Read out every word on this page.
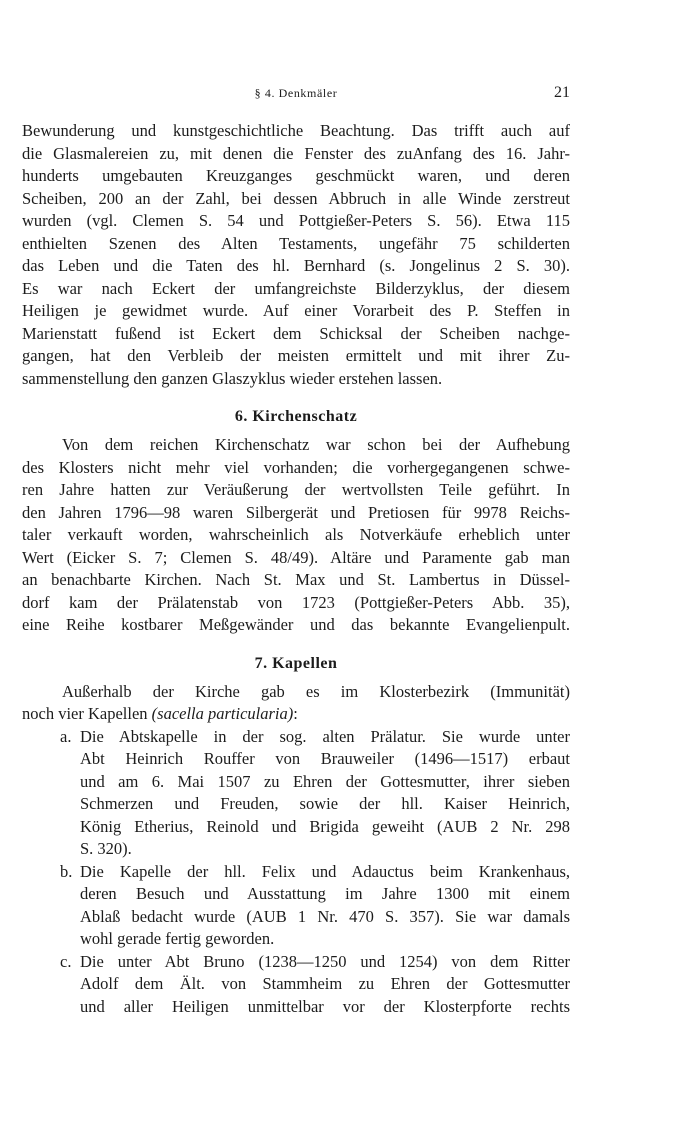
§ 4. Denkmäler	21

Bewunderung und kunstgeschichtliche Beachtung. Das trifft auch auf

die Glasmalereien zu, mit denen die Fenster des zuAnfang des 16. Jahr-

hunderts umgebauten Kreuzganges geschmückt waren, und deren

Scheiben, 200 an der Zahl, bei dessen Abbruch in alle Winde zerstreut

wurden (vgl. Clemen S. 54 und Pottgießer-Peters S. 56). Etwa 115

enthielten Szenen des Alten Testaments, ungefähr 75 schilderten

das Leben und die Taten des hl. Bernhard (s. Jongelinus 2 S. 30).

Es war nach Eckert der umfangreichste Bilderzyklus, der diesem

Heiligen je gewidmet wurde. Auf einer Vorarbeit des P. Steffen in

Marienstatt fußend ist Eckert dem Schicksal der Scheiben nachge-

gangen, hat den Verbleib der meisten ermittelt und mit ihrer Zu-

sammenstellung den ganzen Glaszyklus wieder erstehen lassen.

6. Kirchenschatz

Von dem reichen Kirchenschatz war schon bei der Aufhebung

des Klosters nicht mehr viel vorhanden; die vorhergegangenen schwe-

ren Jahre hatten zur Veräußerung der wertvollsten Teile geführt. In

den Jahren 1796—98 waren Silbergerät und Pretiosen für 9978 Reichs-

taler verkauft worden, wahrscheinlich als Notverkäufe erheblich unter

Wert (Eicker S. 7; Clemen S. 48/49). Altäre und Paramente gab man

an benachbarte Kirchen. Nach St. Max und St. Lambertus in Düssel-

dorf kam der Prälatenstab von 1723 (Pottgießer-Peters Abb. 35),

eine Reihe kostbarer Meßgewänder und das bekannte Evangelienpult.

7. Kapellen

Außerhalb der Kirche gab es im Klosterbezirk (Immunität)

noch vier Kapellen (sacella particularia):

a. Die Abtskapelle in der sog. alten Prälatur. Sie wurde unter

Abt Heinrich Rouffer von Brauweiler (1496—1517) erbaut

und am 6. Mai 1507 zu Ehren der Gottesmutter, ihrer sieben

Schmerzen und Freuden, sowie der hll. Kaiser Heinrich,

König Etherius, Reinold und Brigida geweiht (AUB 2 Nr. 298

S. 320).

b. Die Kapelle der hll. Felix und Adauctus beim Krankenhaus,

deren Besuch und Ausstattung im Jahre 1300 mit einem

Ablaß bedacht wurde (AUB 1 Nr. 470 S. 357). Sie war damals

wohl gerade fertig geworden.

c. Die unter Abt Bruno (1238—1250 und 1254) von dem Ritter

Adolf dem Ält. von Stammheim zu Ehren der Gottesmutter

und aller Heiligen unmittelbar vor der Klosterpforte rechts
